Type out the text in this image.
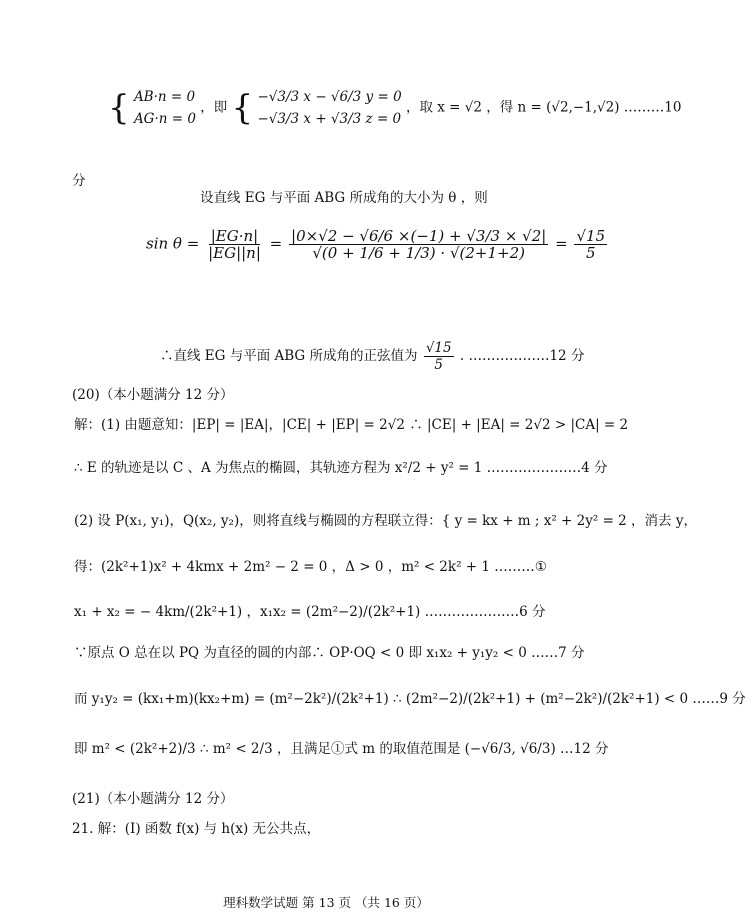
{ AB·n = 0
AG·n = 0
，即 { −√3/3 x − √6/3 y = 0
−√3/3 x + √3/3 z = 0
，取 x = √2 ，得 n = (√2,−1,√2) ………10
分
设直线 EG 与平面 ABG 所成角的大小为 θ ，则
$\sin \theta = \frac{|EG\cdot n|}{|EG||n|} = \frac{|0\times√2 - √6/6 \times(-1) + √3/3 \times √2|}{√(0 + 1/6 + 1/3) \cdot √(2+1+2)} = \frac{√15}{5}$
∴直线 EG 与平面 ABG 所成角的正弦值为 $\frac{√15}{5}$ . ………………12 分
(20)（本小题满分 12 分）
解：(1) 由题意知：|EP| = |EA|，|CE| + |EP| = 2√2 ∴ |CE| + |EA| = 2√2 > |CA| = 2
∴ E 的轨迹是以 C 、A 为焦点的椭圆，其轨迹方程为 x²/2 + y² = 1 …………………4 分
(2) 设 P(x₁, y₁)，Q(x₂, y₂)，则将直线与椭圆的方程联立得：{ y = kx + m ; x² + 2y² = 2 ，消去 y，
得：(2k²+1)x² + 4kmx + 2m² − 2 = 0 ，Δ > 0 ，m² < 2k² + 1 ………①
x₁ + x₂ = − 4km/(2k²+1) ，x₁x₂ = (2m²−2)/(2k²+1) …………………6 分
∵原点 O 总在以 PQ 为直径的圆的内部∴ OP·OQ < 0 即 x₁x₂ + y₁y₂ < 0 ……7 分
而 y₁y₂ = (kx₁+m)(kx₂+m) = (m²−2k²)/(2k²+1) ∴ (2m²−2)/(2k²+1) + (m²−2k²)/(2k²+1) < 0 ……9 分
即 m² < (2k²+2)/3 ∴ m² < 2/3 ，且满足①式 m 的取值范围是 (−√6/3, √6/3) …12 分
(21)（本小题满分 12 分）
21. 解：(Ⅰ) 函数 f(x) 与 h(x) 无公共点，
理科数学试题 第 13 页 （共 16 页）
